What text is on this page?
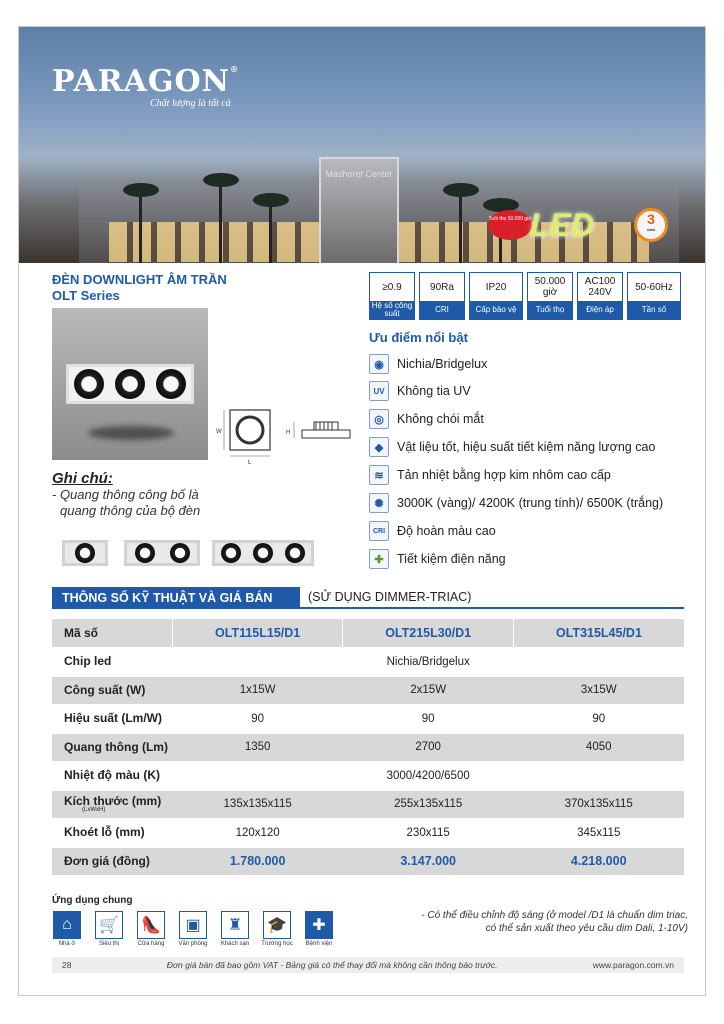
Mashoref Center
PARAGON®
Chất lượng là tất cả
Tuổi thọ 50.000 giờ
LED	3
năm
ĐÈN DOWNLIGHT ÂM TRẦN
OLT Series
≥0.9
Hệ số công suất
90Ra
CRI
IP20
Cấp bảo vệ
50.000 giờ
Tuổi thọ
AC100 240V
Điện áp
50-60Hz
Tần số
W
L
H
Ghi chú:
- Quang thông công bố là
quang thông của bộ đèn
Ưu điểm nổi bật
◉	Nichia/Bridgelux
UV Không tia UV
◎	Không chói mắt
◆	Vật liệu tốt, hiệu suất tiết kiệm năng lượng cao
≋	Tản nhiệt bằng hợp kim nhôm cao cấp
✺	3000K (vàng)/ 4200K (trung tính)/ 6500K (trắng)
CRI Độ hoàn màu cao
✚	Tiết kiệm điện năng
THÔNG SỐ KỸ THUẬT VÀ GIÁ BÁN	(SỬ DỤNG DIMMER-TRIAC)
Mã số	OLT115L15/D1	OLT215L30/D1	OLT315L45/D1
Chip led	Nichia/Bridgelux		
Công suất (W)	1x15W	2x15W	3x15W
Hiệu suất (Lm/W)	90	90	90
Quang thông (Lm)	1350	2700	4050
Nhiệt độ màu (K)	3000/4200/6500		
Kích thước (mm)
(LxWxH)	135x135x115	255x135x115	370x135x115
Khoét lỗ (mm)	120x120	230x115	345x115
Đơn giá (đồng)	1.780.000	3.147.000	4.218.000
Ứng dụng chung
⌂
Nhà ở
🛒
Siêu thị
👠
Cửa hàng
▣
Văn phòng
♜
Khách sạn
🎓
Trường học
✚
Bệnh viện
- Có thể điều chỉnh độ sáng (ở model /D1 là chuẩn dim triac,
có thể sản xuất theo yêu cầu dim Dali, 1-10V)
28	Đơn giá bán đã bao gồm VAT - Bảng giá có thể thay đổi mà không cần thông báo trước.	www.paragon.com.vn
